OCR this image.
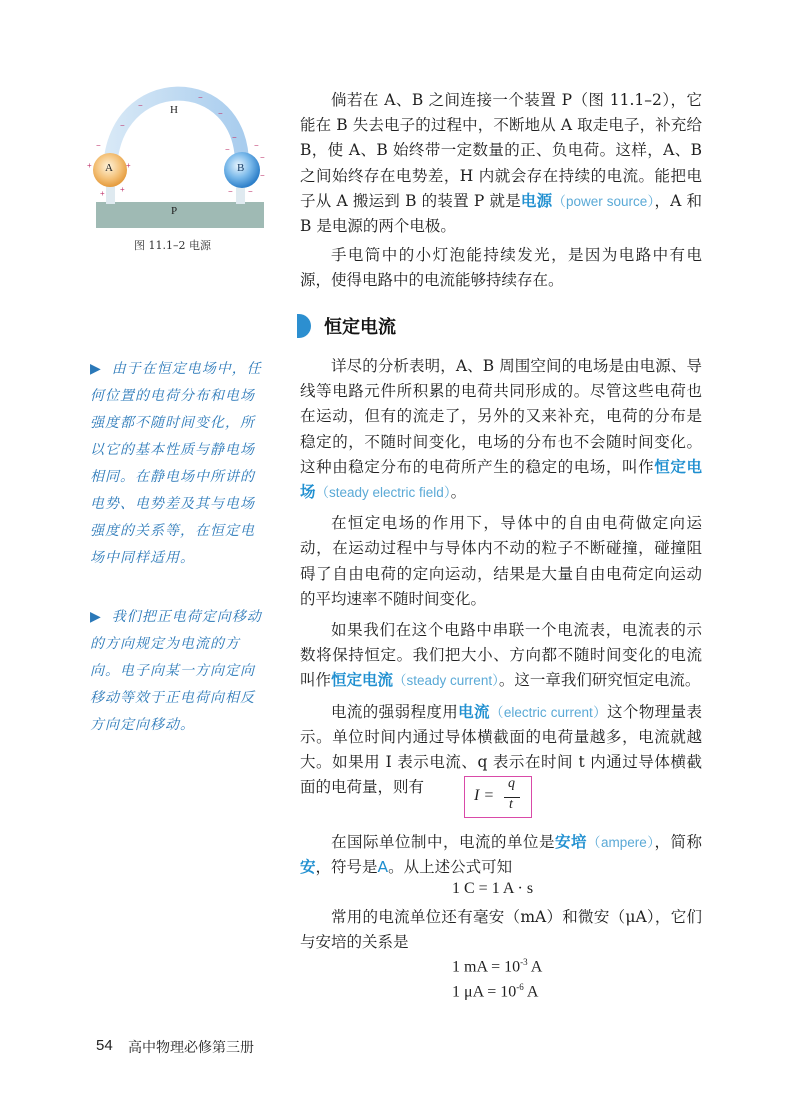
−
−
−
−
−
−
+	+
+ +
−
−
− −
−	−
H
A	B
P
图 11.1–2 电源

倘若在 A、B 之间连接一个装置 P（图 11.1–2），它能在 B 失去电子的过程中，不断地从 A 取走电子，补充给 B，使 A、B 始终带一定数量的正、负电荷。这样，A、B 之间始终存在电势差，H 内就会存在持续的电流。能把电子从 A 搬运到 B 的装置 P 就是电源（power source），A 和 B 是电源的两个电极。

手电筒中的小灯泡能持续发光，是因为电路中有电源，使得电路中的电流能够持续存在。

恒定电流

详尽的分析表明，A、B 周围空间的电场是由电源、导线等电路元件所积累的电荷共同形成的。尽管这些电荷也在运动，但有的流走了，另外的又来补充，电荷的分布是稳定的，不随时间变化，电场的分布也不会随时间变化。这种由稳定分布的电荷所产生的稳定的电场，叫作恒定电场（steady electric field）。

在恒定电场的作用下，导体中的自由电荷做定向运动，在运动过程中与导体内不动的粒子不断碰撞，碰撞阻碍了自由电荷的定向运动，结果是大量自由电荷定向运动的平均速率不随时间变化。

如果我们在这个电路中串联一个电流表，电流表的示数将保持恒定。我们把大小、方向都不随时间变化的电流叫作恒定电流（steady current）。这一章我们研究恒定电流。

电流的强弱程度用电流（electric current）这个物理量表示。单位时间内通过导体横截面的电荷量越多，电流就越大。如果用 I 表示电流、q 表示在时间 t 内通过导体横截面的电荷量，则有	I =
q
t

在国际单位制中，电流的单位是安培（ampere），简称安，符号是A。从上述公式可知

1 C = 1 A · s

常用的电流单位还有毫安（mA）和微安（μA），它们与安培的关系是

1 mA = $10^{-3}$ A
1 $\mu A = 10^{-6}$ A
▶ 由于在恒定电场中，任何位置的电荷分布和电场强度都不随时间变化，所以它的基本性质与静电场相同。在静电场中所讲的电势、电势差及其与电场强度的关系等，在恒定电场中同样适用。
▶ 我们把正电荷定向移动的方向规定为电流的方向。电子向某一方向定向移动等效于正电荷向相反方向定向移动。
54 高中物理必修第三册
